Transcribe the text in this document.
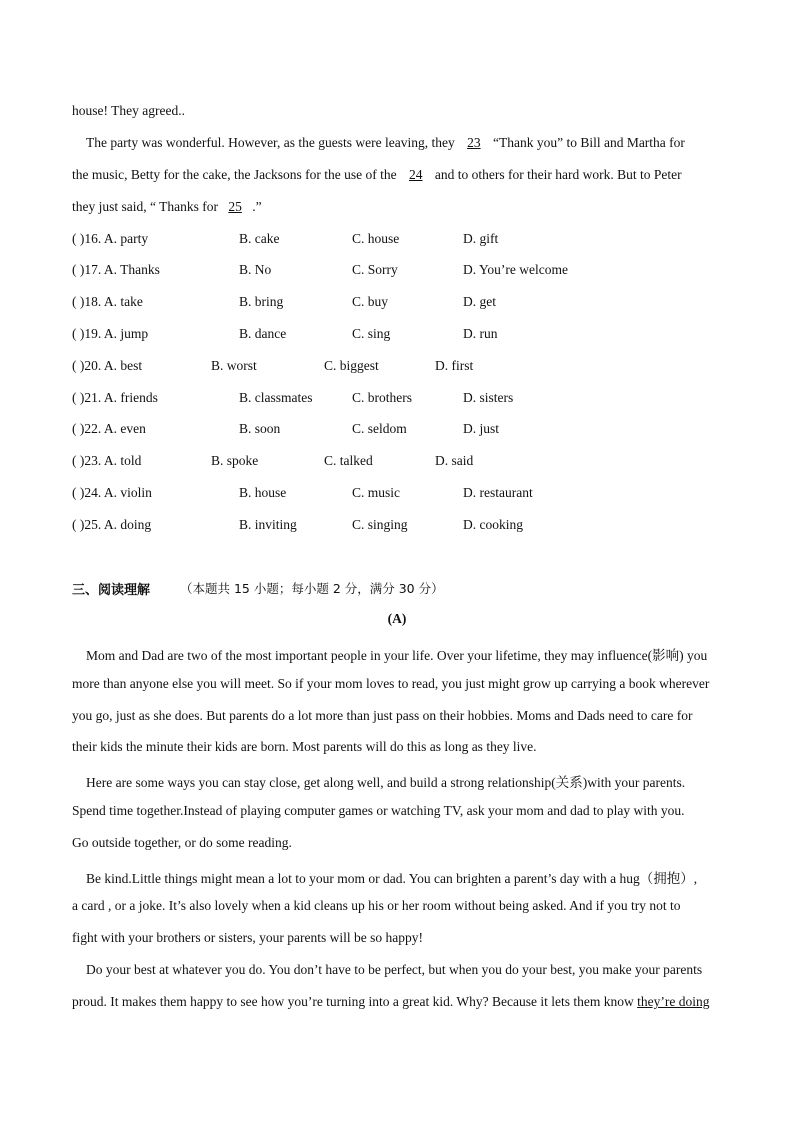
house! They agreed..
The party was wonderful. However, as the guests were leaving, they 23 “Thank you” to Bill and Martha for
the music, Betty for the cake, the Jacksons for the use of the 24 and to others for their hard work. But to Peter
they just said, “ Thanks for 25 .”
( )16. A. party	B. cake	C. house	D. gift
( )17. A. Thanks	B. No	C. Sorry	D. You’re welcome
( )18. A. take	B. bring	C. buy	D. get
( )19. A. jump	B. dance	C. sing	D. run
( )20. A. best	B. worst	C. biggest	D. first
( )21. A. friends	B. classmates	C. brothers	D. sisters
( )22. A. even	B. soon	C. seldom	D. just
( )23. A. told	B. spoke	C. talked	D. said
( )24. A. violin	B. house	C. music	D. restaurant
( )25. A. doing	B. inviting	C. singing	D. cooking
三、阅读理解 （本题共 15 小题；每小题 2 分，满分 30 分）
(A)
Mom and Dad are two of the most important people in your life. Over your lifetime, they may influence(影响) you
more than anyone else you will meet. So if your mom loves to read, you just might grow up carrying a book wherever
you go, just as she does. But parents do a lot more than just pass on their hobbies. Moms and Dads need to care for
their kids the minute their kids are born. Most parents will do this as long as they live.
Here are some ways you can stay close, get along well, and build a strong relationship(关系)with your parents.
Spend time together.Instead of playing computer games or watching TV, ask your mom and dad to play with you.
Go outside together, or do some reading.
Be kind.Little things might mean a lot to your mom or dad. You can brighten a parent’s day with a hug（拥抱）,
a card , or a joke. It’s also lovely when a kid cleans up his or her room without being asked. And if you try not to
fight with your brothers or sisters, your parents will be so happy!
Do your best at whatever you do. You don’t have to be perfect, but when you do your best, you make your parents
proud. It makes them happy to see how you’re turning into a great kid. Why? Because it lets them know they’re doing
